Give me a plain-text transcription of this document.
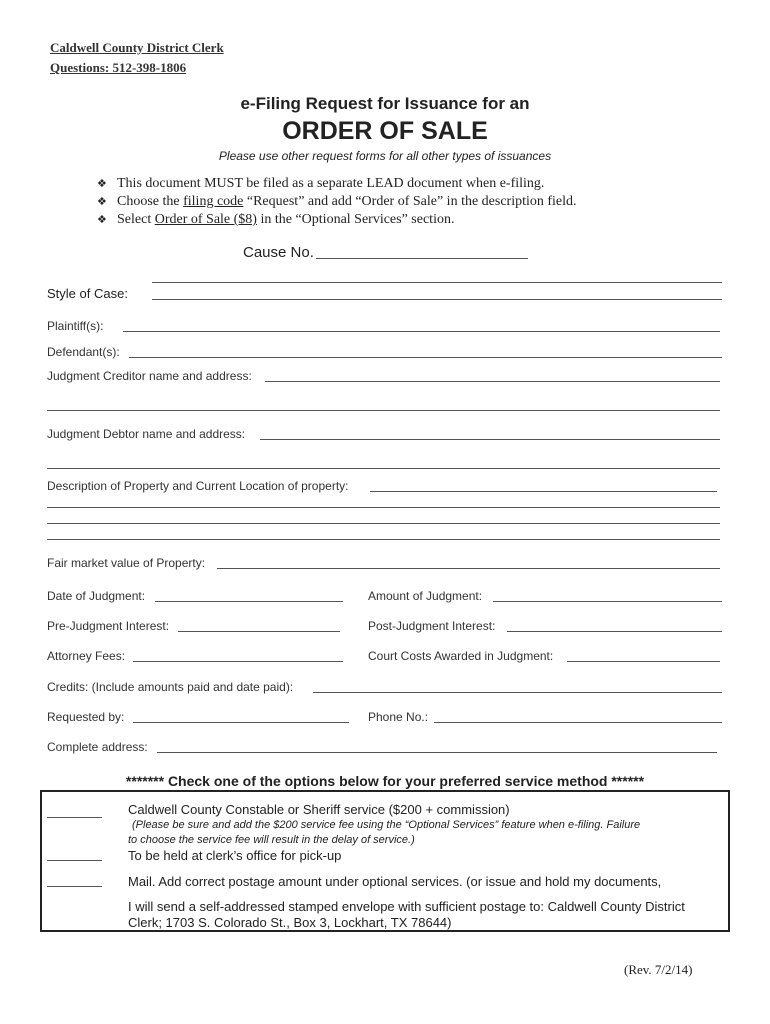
Caldwell County District Clerk
Questions: 512-398-1806
e-Filing Request for Issuance for an
ORDER OF SALE
Please use other request forms for all other types of issuances
❖ This document MUST be filed as a separate LEAD document when e-filing.
❖ Choose the filing code “Request” and add “Order of Sale” in the description field.
❖ Select Order of Sale ($8) in the “Optional Services” section.
Cause No.
Style of Case:
Plaintiff(s):
Defendant(s):
Judgment Creditor name and address:
Judgment Debtor name and address:
Description of Property and Current Location of property:
Fair market value of Property:
Date of Judgment:	Amount of Judgment:
Pre-Judgment Interest:	Post-Judgment Interest:
Attorney Fees:	Court Costs Awarded in Judgment:
Credits: (Include amounts paid and date paid):
Requested by:	Phone No.:
Complete address:
******* Check one of the options below for your preferred service method ******
Caldwell County Constable or Sheriff service ($200 + commission)
(Please be sure and add the $200 service fee using the “Optional Services” feature when e-filing. Failure
to choose the service fee will result in the delay of service.)
To be held at clerk’s office for pick-up
Mail. Add correct postage amount under optional services. (or issue and hold my documents,
I will send a self-addressed stamped envelope with sufficient postage to: Caldwell County District
Clerk; 1703 S. Colorado St., Box 3, Lockhart, TX 78644)
(Rev. 7/2/14)
